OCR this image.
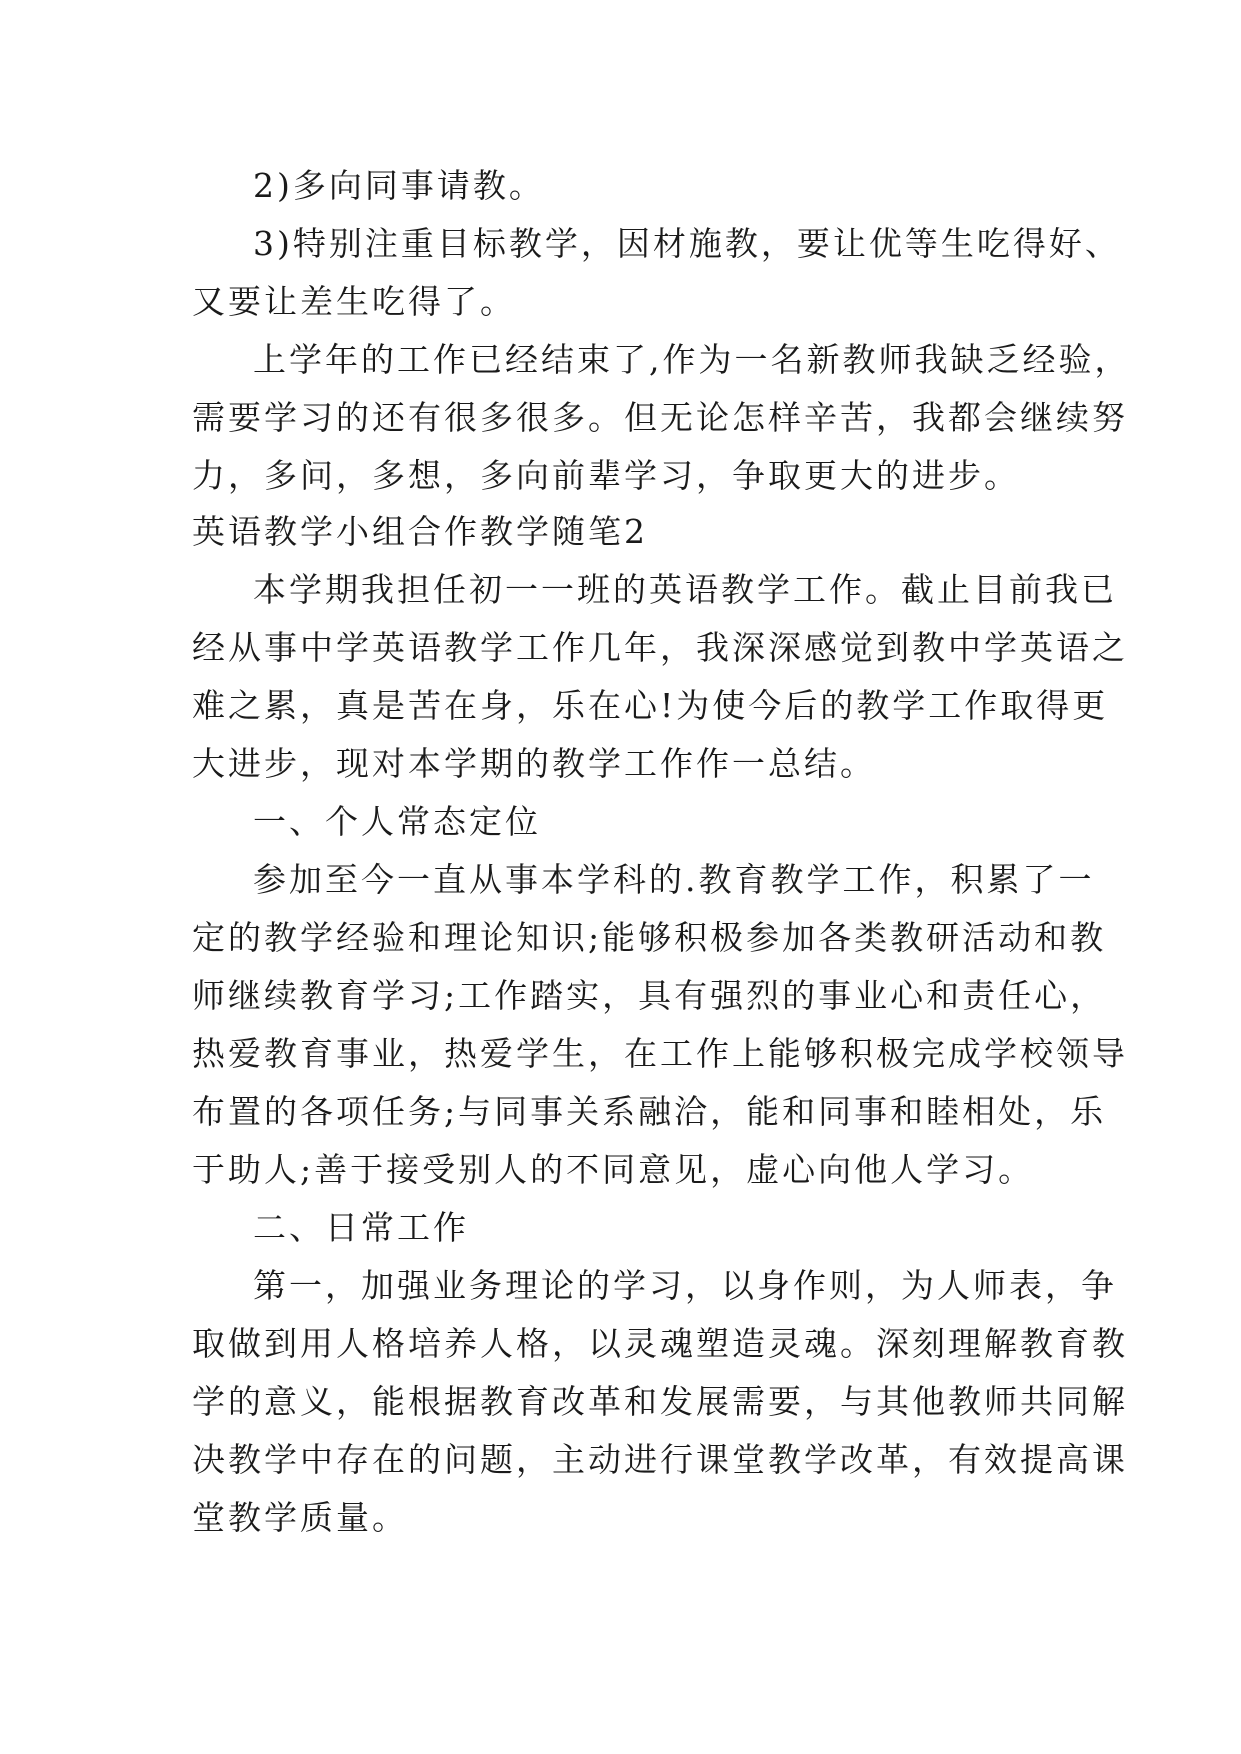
2)多向同事请教。
3)特别注重目标教学，因材施教，要让优等生吃得好、
又要让差生吃得了。
上学年的工作已经结束了,作为一名新教师我缺乏经验，
需要学习的还有很多很多。但无论怎样辛苦，我都会继续努
力，多问，多想，多向前辈学习，争取更大的进步。
英语教学小组合作教学随笔2
本学期我担任初一一班的英语教学工作。截止目前我已
经从事中学英语教学工作几年，我深深感觉到教中学英语之
难之累，真是苦在身，乐在心!为使今后的教学工作取得更
大进步，现对本学期的教学工作作一总结。
一、个人常态定位
参加至今一直从事本学科的.教育教学工作，积累了一
定的教学经验和理论知识;能够积极参加各类教研活动和教
师继续教育学习;工作踏实，具有强烈的事业心和责任心，
热爱教育事业，热爱学生，在工作上能够积极完成学校领导
布置的各项任务;与同事关系融洽，能和同事和睦相处，乐
于助人;善于接受别人的不同意见，虚心向他人学习。
二、日常工作
第一，加强业务理论的学习，以身作则，为人师表，争
取做到用人格培养人格，以灵魂塑造灵魂。深刻理解教育教
学的意义，能根据教育改革和发展需要，与其他教师共同解
决教学中存在的问题，主动进行课堂教学改革，有效提高课
堂教学质量。
